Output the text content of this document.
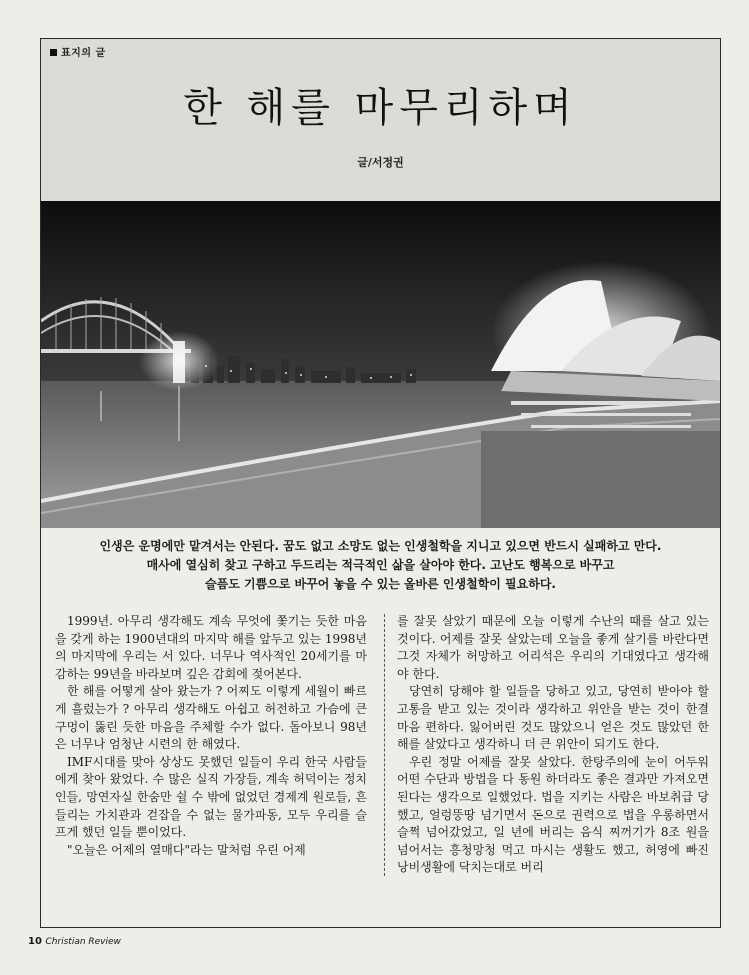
표지의 글
한 해를 마무리하며
글/서정권
인생은 운명에만 맡겨서는 안된다. 꿈도 없고 소망도 없는 인생철학을 지니고 있으면 반드시 실패하고 만다.
매사에 열심히 찾고 구하고 두드리는 적극적인 삶을 살아야 한다. 고난도 행복으로 바꾸고
슬픔도 기쁨으로 바꾸어 놓을 수 있는 올바른 인생철학이 필요하다.

1999년. 아무리 생각해도 계속 무엇에 쫓기는 듯한 마음을 갖게 하는 1900년대의 마지막 해를 앞두고 있는 1998년의 마지막에 우리는 서 있다. 너무나 역사적인 20세기를 마감하는 99년을 바라보며 깊은 감회에 젖어본다.

한 해를 어떻게 살아 왔는가 ? 어찌도 이렇게 세월이 빠르게 흘렀는가 ? 아무리 생각해도 아쉽고 허전하고 가슴에 큰 구멍이 뚫린 듯한 마음을 주체할 수가 없다. 돌아보니 98년은 너무나 엄청난 시련의 한 해였다.

IMF시대를 맞아 상상도 못했던 일들이 우리 한국 사람들에게 찾아 왔었다. 수 많은 실직 가장들, 계속 허덕이는 정치인들, 망연자실 한숨만 쉴 수 밖에 없었던 경제계 원로들, 흔들리는 가치관과 걷잡을 수 없는 물가파동, 모두 우리를 슬프게 했던 일들 뿐이었다.

"오늘은 어제의 열매다"라는 말처럼 우린 어제

를 잘못 살았기 때문에 오늘 이렇게 수난의 때를 살고 있는 것이다. 어제를 잘못 살았는데 오늘을 좋게 살기를 바란다면 그것 자체가 허망하고 어리석은 우리의 기대였다고 생각해야 한다.

당연히 당해야 할 일들을 당하고 있고, 당연히 받아야 할 고통을 받고 있는 것이라 생각하고 위안을 받는 것이 한결 마음 편하다. 잃어버린 것도 많았으니 얻은 것도 많았던 한 해를 살았다고 생각하니 더 큰 위안이 되기도 한다.

우린 정말 어제를 잘못 살았다. 한탕주의에 눈이 어두워 어떤 수단과 방법을 다 동원 하더라도 좋은 결과만 가져오면 된다는 생각으로 일했었다. 법을 지키는 사람은 바보취급 당했고, 얼렁뚱땅 넘기면서 돈으로 권력으로 법을 우롱하면서 슬쩍 넘어갔었고, 일 년에 버리는 음식 찌꺼기가 8조 원을 넘어서는 흥청망청 먹고 마시는 생활도 했고, 허영에 빠진 낭비생활에 닥치는대로 버리

10 Christian Review
